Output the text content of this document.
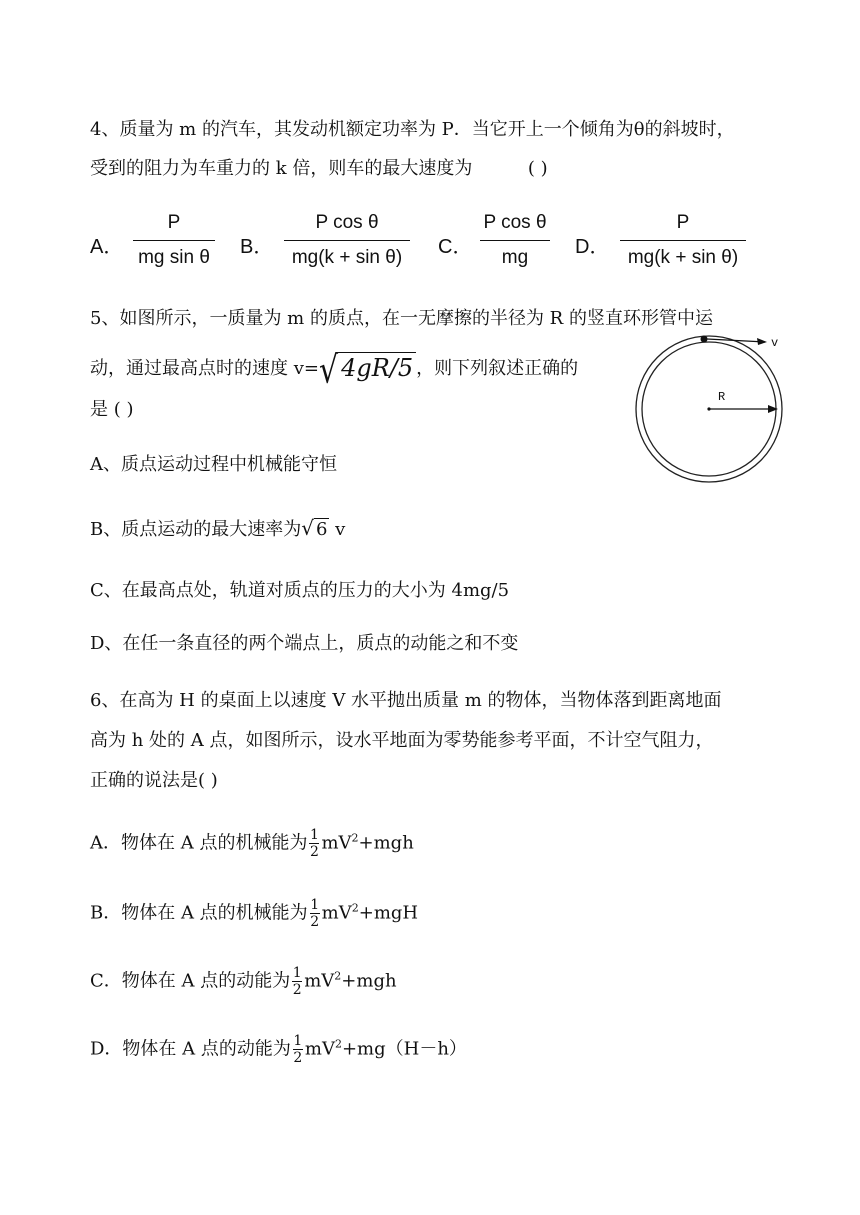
4、质量为 m 的汽车，其发动机额定功率为 P．当它开上一个倾角为θ的斜坡时，
受到的阻力为车重力的 k 倍，则车的最大速度为	( )
A．
P
mg sin θ B．
P cos θ
mg(k + sin θ) C．
P cos θ
mg D．
P
mg(k + sin θ)
5、如图所示，一质量为 m 的质点，在一无摩擦的半径为 R 的竖直环形管中运
动，通过最高点时的速度 v=√ 4gR/5 ，则下列叙述正确的
是 ( )
v
R
A、质点运动过程中机械能守恒
B、质点运动的最大速率为√ 6 v
C、在最高点处，轨道对质点的压力的大小为 4mg/5
D、在任一条直径的两个端点上，质点的动能之和不变
6、在高为 H 的桌面上以速度 V 水平抛出质量 m 的物体，当物体落到距离地面
高为 h 处的 A 点，如图所示，设水平地面为零势能参考平面，不计空气阻力，
正确的说法是( )
A．物体在 A 点的机械能为 $\frac{1}{2} mV^2+mgh$
B．物体在 A 点的机械能为 $\frac{1}{2} mV^2+mgH$
C．物体在 A 点的动能为 $\frac{1}{2} mV^2+mgh$
D．物体在 A 点的动能为 $\frac{1}{2} mV^2+mg(H-h)$
